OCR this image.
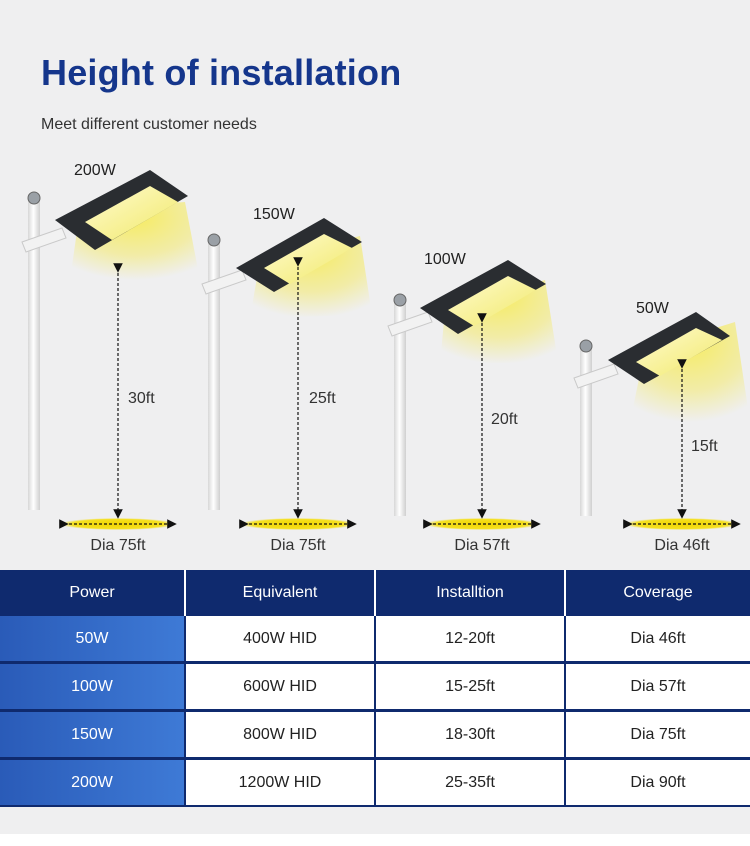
Height of installation
Meet different customer needs
200W
30ft
Dia 75ft
150W
25ft
Dia 75ft
100W
20ft
Dia 57ft
50W
15ft
Dia 46ft
Power	Equivalent	Installtion	Coverage
50W	400W HID	12-20ft	Dia 46ft
100W	600W HID	15-25ft	Dia 57ft
150W	800W HID	18-30ft	Dia 75ft
200W	1200W HID	25-35ft	Dia 90ft
